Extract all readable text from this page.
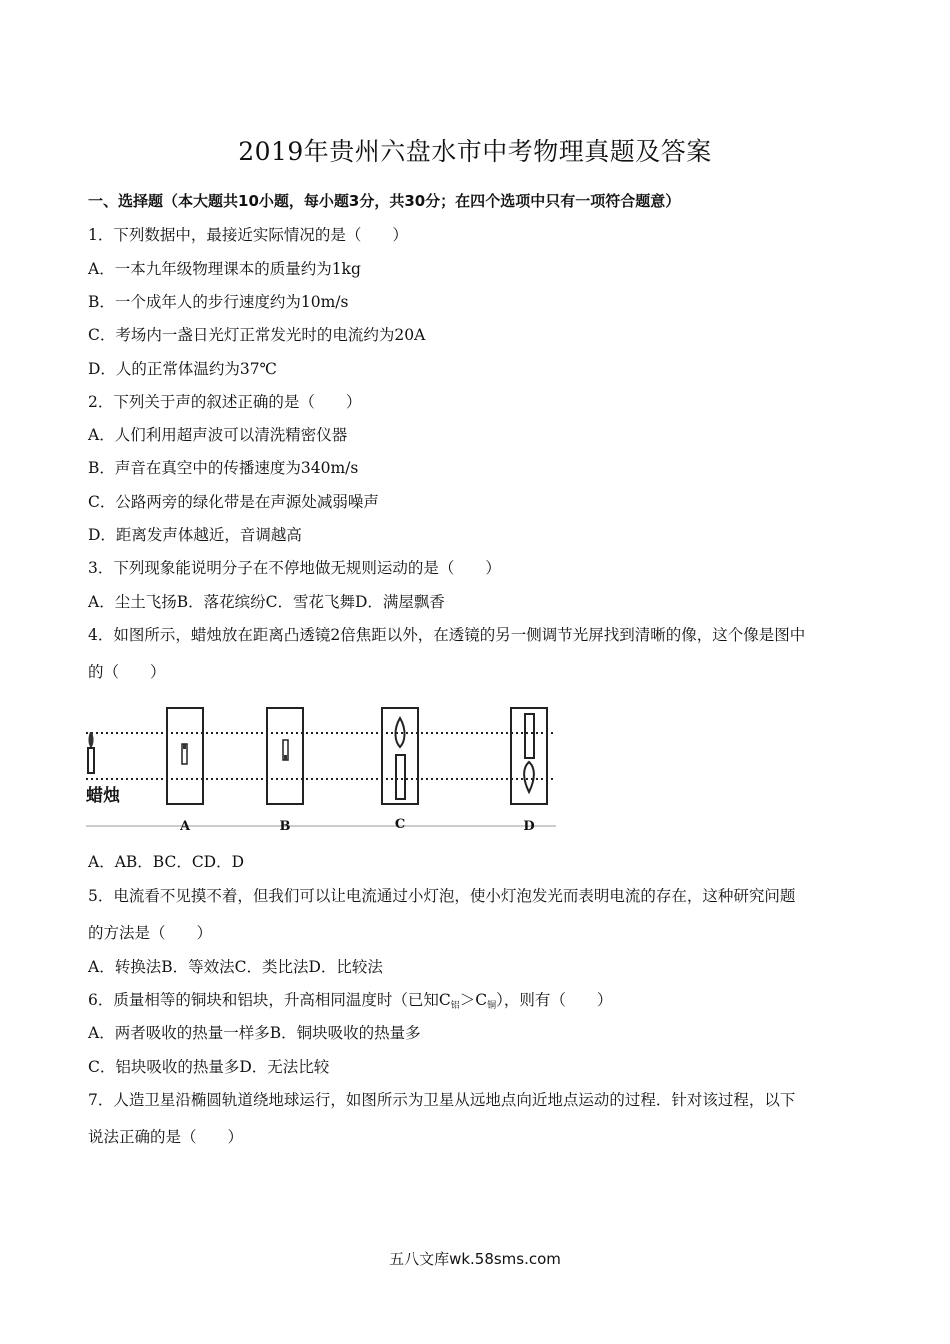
2019年贵州六盘水市中考物理真题及答案
一、选择题（本大题共10小题，每小题3分，共30分；在四个选项中只有一项符合题意）
1．下列数据中，最接近实际情况的是（　　）
A．一本九年级物理课本的质量约为1kg
B．一个成年人的步行速度约为10m/s
C．考场内一盏日光灯正常发光时的电流约为20A
D．人的正常体温约为37℃
2．下列关于声的叙述正确的是（　　）
A．人们利用超声波可以清洗精密仪器
B．声音在真空中的传播速度为340m/s
C．公路两旁的绿化带是在声源处减弱噪声
D．距离发声体越近，音调越高
3．下列现象能说明分子在不停地做无规则运动的是（　　）
A．尘土飞扬B．落花缤纷C．雪花飞舞D．满屋飘香
4．如图所示，蜡烛放在距离凸透镜2倍焦距以外，在透镜的另一侧调节光屏找到清晰的像，这个像是图中
的（　　）
蜡烛
A	B	C	D
A．AB．BC．CD．D
5．电流看不见摸不着，但我们可以让电流通过小灯泡，使小灯泡发光而表明电流的存在，这种研究问题
的方法是（　　）
A．转换法B．等效法C．类比法D．比较法
6．质量相等的铜块和铝块，升高相同温度时（已知$C_铝>C_铜$），则有（　　）
A．两者吸收的热量一样多B．铜块吸收的热量多
C．铝块吸收的热量多D．无法比较
7．人造卫星沿椭圆轨道绕地球运行，如图所示为卫星从远地点向近地点运动的过程．针对该过程，以下
说法正确的是（　　）
五八文库wk.58sms.com
